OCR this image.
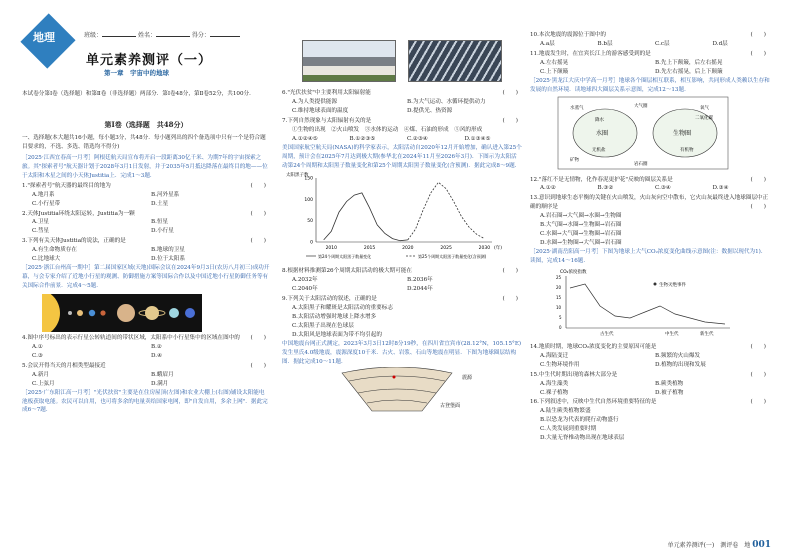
地理	班级：	姓名：	得分：
单元素养测评（一）
第一章　宇宙中的地球
本试卷分第Ⅰ卷（选择题）和第Ⅱ卷（非选择题）两部分．第Ⅰ卷48分，第Ⅱ卷52分，共100分．
第Ⅰ卷（选择题　共48分）

一、选择题(本大题共16小题，每小题3分，共48分．每小题列出的四个备选项中只有一个是符合题目要求的，不选、多选、错选均不得分)

［2025·江西宜春高一月考］阿根廷航天局宣布将开启一段距离30亿千米、为期7年的宇宙探索之旅。其"探索者号"航天器计划于2028年3月1日发射，并于2035年5月抵达降落在最终目的地——位于太阳和木星之间的小天体Justitia上．完成1～3题．

1."探索者号"航天器的最终目的地为	(　　)

A.地月系	B.河外星系
C.小行星带	D.土星

2.天体Justitia环绕太阳运转，Justitia为一颗	(　　)

A.卫星	B.恒星
C.彗星	D.小行星

3.下列有关天体Justitia的说法，正确的是	(　　)

A.有生命物质存在	B.地球的卫星
C.比地球大	D.位于太阳系

［2025·浙江台州高一期中］第二届国家区域(天地)国际会议在2024年9月3日(农历八月初三)成功开幕，与会专家介绍了近地小行星的观测、防御措施方案等国际合作以及中国近地小行星防御任务等有关国际合作前景．完成4～5题．

4.图中序号标出的表示行星公转轨道间的带状区域，太阳系中小行星集中的区域在图中的 (　　)

A.①	B.②
C.③	D.④

5.会议开得当天的月相类型最接近	(　　)

A.新月	B.蛾眉月
C.上弦月	D.满月

［2025·广东阳江高一月考］"光伏扶贫"主要是在住房屋顶(左图)和农业大棚上(右图)铺设太阳能电池板获取电能。农民可以自用，也可将多余的电量卖给国家电网，即"自发自用，多余上网"．据此完成6～7题．

6."光伏扶贫"中主要利用太阳辐射能	(　　)

A.为人类提供能源	B.为大气运动、水循环提供动力
C.维持地球表面的温度	D.提供光、热资源

7.下列自然现象与太阳辐射有关的是	(　　)

①生物的出现　②火山喷发　③水体的运动　④煤、石油的形成　⑤风的形成

A.①②④⑤	B.①②③⑤	C.②③④	D.①③④⑤

美国国家航空航天局(NASA)的科学家表示，太阳活动自2020年12月开始增加，确认进入第25个周期，预计会在2025年7月达到极大期(参华北在2024年11月至2026年3月)．下图示为太阳活动第24个周期和太阳黑子数量变化和第25个周期太阳黑子数量变化(含预测)．据此完成8～9题．

太阳黑子数
0
50
100
150
2010	2015	2020	2025	2030 (年)
第24个周期太阳黑子数量变化	第25个周期太阳黑子数量变化(含预测)

8.根据材料推测第26个周期太阳活动的极大期可能在	(　　)

A.2032年	B.2036年
C.2040年	D.2044年

9.下列关于太阳活动的叙述，正确的是	(　　)

A.太阳黑子和耀斑是太阳活动的重要标志
B.太阳活动增强时地球上降水增多
C.太阳黑子出现在色球层
D.太阳风是地球表面为带不均引起的

中国地震台网正式测定，2023年3月3日12时8分19秒，在四川省宜宾市(28.12°N，105.15°E)发生里氏4.0级地震，震源深度10千米．古火、岩浆、石山等地震在明显．下图为地球圈层结构图．据此完成10～11题．

震源
古登堡面

10.本次地震的震源位于图中的	(　　)

A.a层	B.b层	C.c层	D.d层

11.地震发生时，在宜宾长江上的游客感受到的是	(　　)

A.左右摇晃	B.先上下颠簸，后左右摇晃
C.上下颠簸	D.先左右摇晃，后上下颠簸

［2025·黑龙江大庆中学高一月考］地球各个圈层相互联系，相互影响，共同形成人类赖以生存和发展的自然环境．读地球四大圈层关系示意图，完成12～13题．

水圈	生物圈
水蒸气	大气圈
岩石圈
无机盐
矿物
有机物
氧气
二氧化碳
降水

12."落红不是无情物，化作春泥更护花"反映的圈层关系是	(　　)

A.①②	B.③②	C.③④	D.③④

13.意识到地球生态平衡的关键在火山喷发，火山灰向空中散布，它火山灰最终进入地球圈层中正确的顺序是	(　　)

A.岩石圈→大气圈→水圈→生物圈
B.大气圈→水圈→生物圈→岩石圈
C.水圈→大气圈→生物圈→岩石圈
D.水圈→生物圈→大气圈→岩石圈

［2025·湖南岳阳高一月考］下图为地球上大气CO₂浓度变化曲线示意图(注：数据以现代为1)．读图，完成14～16题．

CO₂浓度指数
生物灭绝事件
古生代	中生代	新生代
0
5
10
15
20
25

14.地质时期，地球CO₂浓度变化的主要原因可能是	(　　)

A.海陆变迁	B.频繁的火山爆发
C.生物环境作用	D.植物的出现和发展

15.中生代时期出现的森林大部分是	(　　)

A.海生藻类	B.蕨类植物
C.裸子植物	D.被子植物

16.下列叙述中，反映中生代自然环境重要特征的是	(　　)

A.陆生蕨类植物繁盛
B.以恐龙为代表的爬行动物盛行
C.人类发展到重要时期
D.大量无脊椎动物出现在地球表层
单元素养测评(一)　测评卷　地 001
